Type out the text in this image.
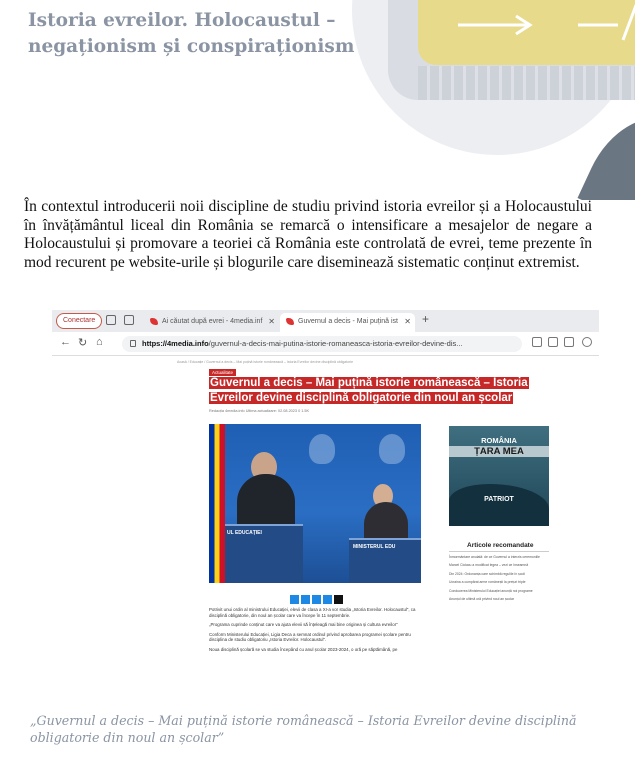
Istoria evreilor. Holocaustul – negaționism și conspiraționism

În contextul introducerii noii discipline de studiu privind istoria evreilor și a Holocaustului în învățământul liceal din România se remarcă o intensificare a mesajelor de negare a Holocaustului și promovare a teoriei că România este controlată de evrei, teme prezente în mod recurent pe website-urile și blogurile care diseminează sistematic conținut extremist.

Conectare	Ai căutat după evrei - 4media.inf ✕	Guvernul a decis - Mai puțină ist ✕ +
← ↻ ⌂	https://4media.info/guvernul-a-decis-mai-putina-istorie-romaneasca-istoria-evreilor-devine-dis...
Acasă / Educație / Guvernul a decis – Mai puțină istorie românească – Istoria Evreilor devine disciplină obligatorie
Actualitate
Guvernul a decis – Mai puțină istorie românească – Istoria Evreilor devine disciplină obligatorie din noul an școlar
Redacția 4media.info Ultima actualizare: 02.08.2023 0 1.5K
UL EDUCAȚIEI
MINISTERUL EDU

Potrivit unui ordin al ministrului Educației, elevii de clasa a XI-a vor studia „Istoria Evreilor. Holocaustul”, ca disciplină obligatorie, din noul an școlar care va începe în 11 septembrie.

„Programa cuprinde conținut care va ajuta elevii să înțeleagă mai bine originea și cultura evreilor”

Conform Ministerului Educației, Ligia Deca a semnat ordinul privind aprobarea programei școlare pentru disciplina de studiu obligatoriu „Istoria Evreilor. Holocaustul”.

Noua disciplină școlară se va studia începând cu anul școlar 2023-2024, o oră pe săptămână, pe

ROMÂNIA
ȚARA MEA
PATRIOT
Articole recomandate
Înmormântare anulată: de ce Guvernul a interzis ceremoniile
Marcel Ciolacu a modificat legea – vezi ce înseamnă
Din 2024: Ordonanța care schimbă regulile în școli
Ucraina a cumpărat arme românești la prețuri triple
Conducerea Ministerului Educației anunță noi programe
Anunțul de ultimă oră privind noul an școlar

„Guvernul a decis – Mai puțină istorie românească – Istoria Evreilor devine disciplină obligatorie din noul an școlar”
